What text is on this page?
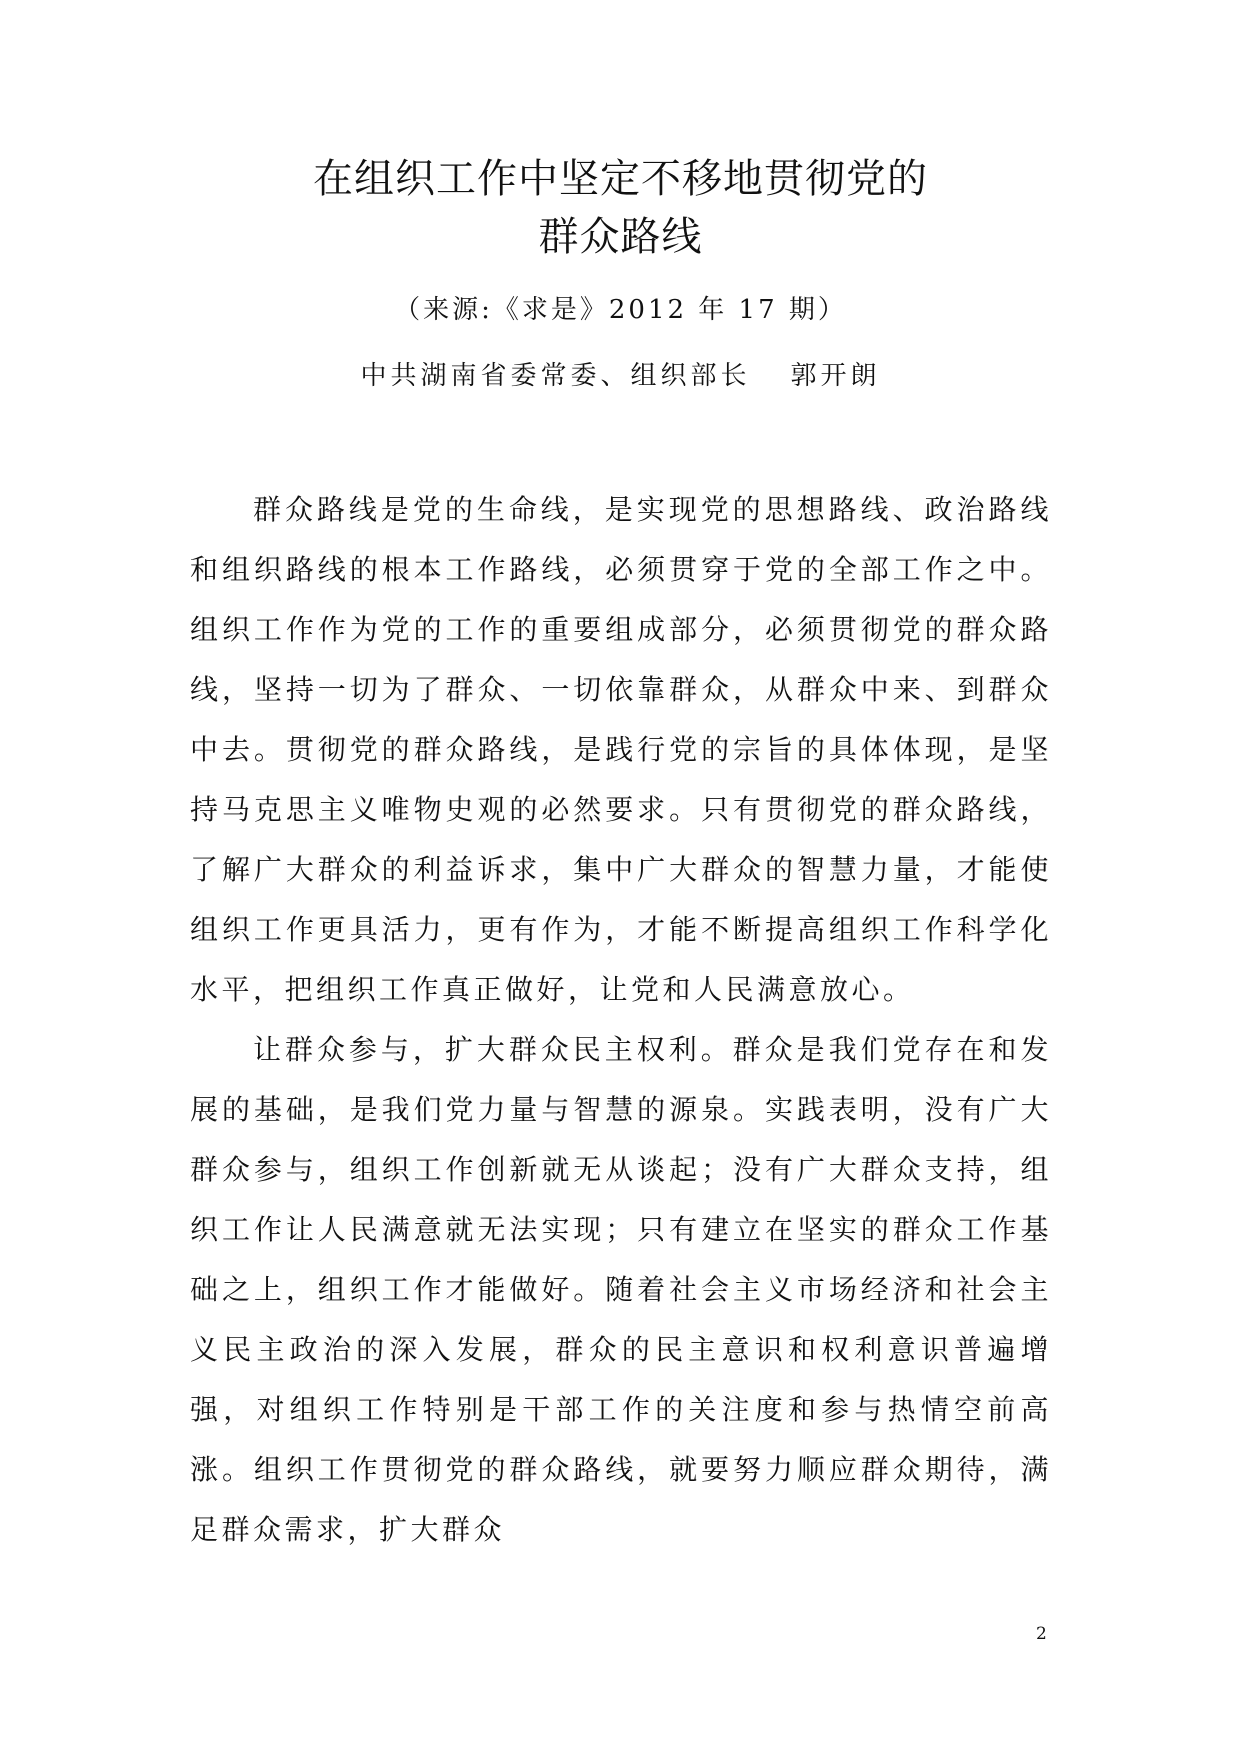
在组织工作中坚定不移地贯彻党的
群众路线
（来源:《求是》2012 年 17 期）
中共湖南省委常委、组织部长 郭开朗

群众路线是党的生命线，是实现党的思想路线、政治路线和组织路线的根本工作路线，必须贯穿于党的全部工作之中。组织工作作为党的工作的重要组成部分，必须贯彻党的群众路线，坚持一切为了群众、一切依靠群众，从群众中来、到群众中去。贯彻党的群众路线，是践行党的宗旨的具体体现，是坚持马克思主义唯物史观的必然要求。只有贯彻党的群众路线，了解广大群众的利益诉求，集中广大群众的智慧力量，才能使组织工作更具活力，更有作为，才能不断提高组织工作科学化水平，把组织工作真正做好，让党和人民满意放心。

让群众参与，扩大群众民主权利。群众是我们党存在和发展的基础，是我们党力量与智慧的源泉。实践表明，没有广大群众参与，组织工作创新就无从谈起；没有广大群众支持，组织工作让人民满意就无法实现；只有建立在坚实的群众工作基础之上，组织工作才能做好。随着社会主义市场经济和社会主义民主政治的深入发展，群众的民主意识和权利意识普遍增强，对组织工作特别是干部工作的关注度和参与热情空前高涨。组织工作贯彻党的群众路线，就要努力顺应群众期待，满足群众需求，扩大群众

2
